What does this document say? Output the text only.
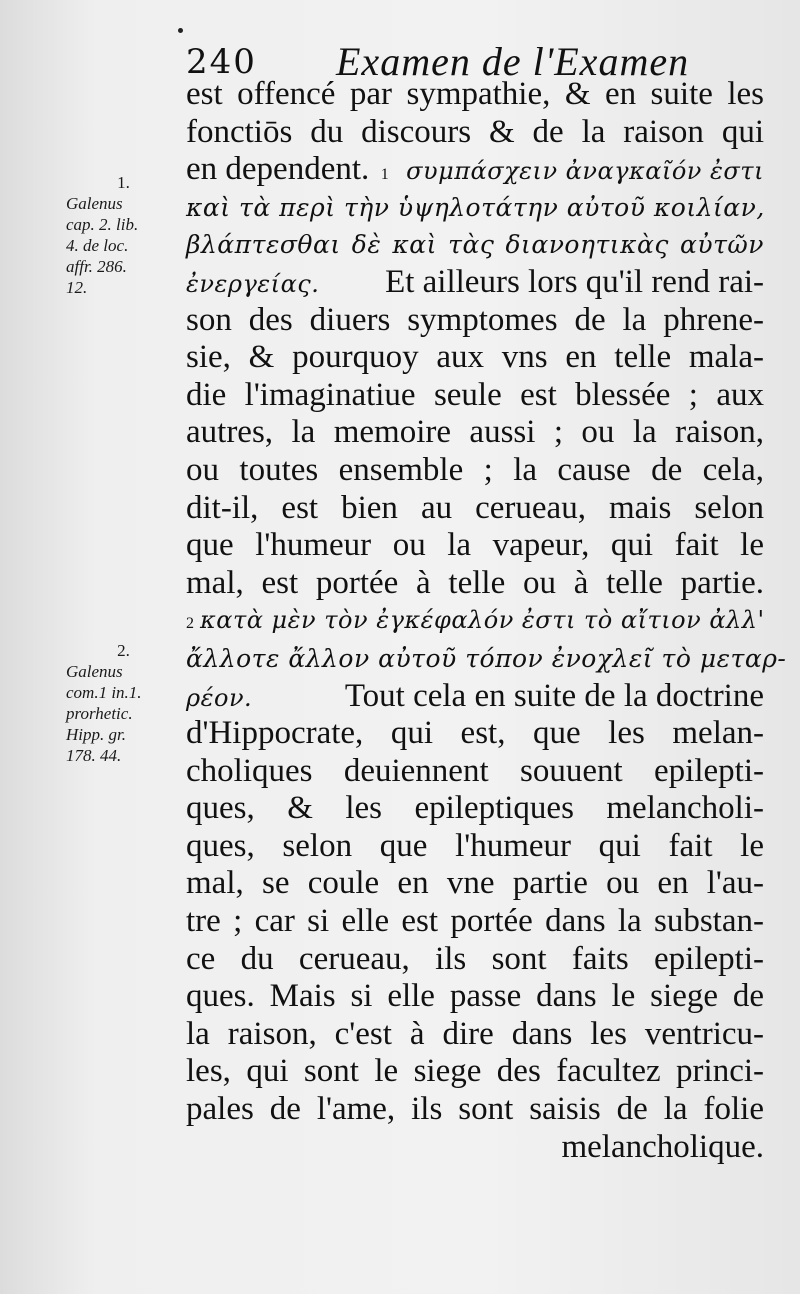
240 Examen de l'Examen
1.
Galenus
cap. 2. lib.
4. de loc.
affr. 286.
12.
2.
Galenus
com.1 in.1.
prorhetic.
Hipp. gr.
178. 44.
est offencé par sympathie, & en suite les
fonctiōs du discours & de la raison qui
en dependent. 1 συμπάσχειν ἀναγκαῖόν ἐστι
καὶ τὰ περὶ τὴν ὑψηλοτάτην αὐτοῦ κοιλίαν,
βλάπτεσθαι δὲ καὶ τὰς διανοητικὰς αὐτῶν
ἐνεργείας. Et ailleurs lors qu'il rend rai-
son des diuers symptomes de la phrene-
sie, & pourquoy aux vns en telle mala-
die l'imaginatiue seule est blessée ; aux
autres, la memoire aussi ; ou la raison,
ou toutes ensemble ; la cause de cela,
dit-il, est bien au cerueau, mais selon
que l'humeur ou la vapeur, qui fait le
mal, est portée à telle ou à telle partie.
2 κατὰ μὲν τὸν ἐγκέφαλόν ἐστι τὸ αἴτιον ἀλλ'
ἄλλοτε ἄλλον αὐτοῦ τόπον ἐνοχλεῖ τὸ μεταρ-
ρέον.	Tout cela en suite de la doctrine
d'Hippocrate, qui est, que les melan-
choliques deuiennent souuent epilepti-
ques, & les epileptiques melancholi-
ques, selon que l'humeur qui fait le
mal, se coule en vne partie ou en l'au-
tre ; car si elle est portée dans la substan-
ce du cerueau, ils sont faits epilepti-
ques. Mais si elle passe dans le siege de
la raison, c'est à dire dans les ventricu-
les, qui sont le siege des facultez princi-
pales de l'ame, ils sont saisis de la folie
melancholique.
